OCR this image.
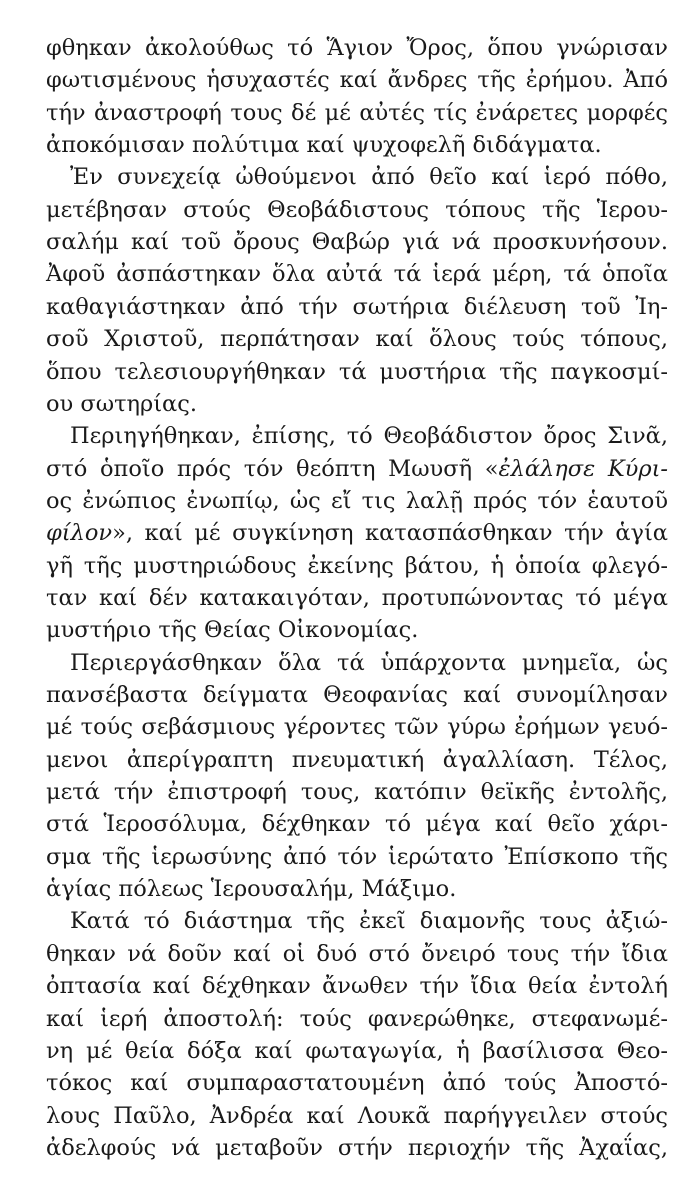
φθηκαν ἀκολούθως τό Ἅγιον Ὄρος, ὅπου γνώρισαν
φωτισμένους ἡσυχαστές καί ἄνδρες τῆς ἐρήμου. Ἀπό
τήν ἀναστροφή τους δέ μέ αὐτές τίς ἐνάρετες μορφές
ἀποκόμισαν πολύτιμα καί ψυχοφελῆ διδάγματα.
Ἐν συνεχείᾳ ὠθούμενοι ἀπό θεῖο καί ἱερό πόθο,
μετέβησαν στούς Θεοβάδιστους τόπους τῆς Ἱερου-
σαλήμ καί τοῦ ὄρους Θαβώρ γιά νά προσκυνήσουν.
Ἀφοῦ ἀσπάστηκαν ὅλα αὐτά τά ἱερά μέρη, τά ὁποῖα
καθαγιάστηκαν ἀπό τήν σωτήρια διέλευση τοῦ Ἰη-
σοῦ Χριστοῦ, περπάτησαν καί ὅλους τούς τόπους,
ὅπου τελεσιουργήθηκαν τά μυστήρια τῆς παγκοσμί-
ου σωτηρίας.
Περιηγήθηκαν, ἐπίσης, τό Θεοβάδιστον ὄρος Σινᾶ,
στό ὁποῖο πρός τόν θεόπτη Μωυσῆ «ἐλάλησε Κύρι-
ος ἐνώπιος ἐνωπίῳ, ὡς εἴ τις λαλῇ πρός τόν ἑαυτοῦ
φίλον», καί μέ συγκίνηση κατασπάσθηκαν τήν ἁγία
γῆ τῆς μυστηριώδους ἐκείνης βάτου, ἡ ὁποία φλεγό-
ταν καί δέν κατακαιγόταν, προτυπώνοντας τό μέγα
μυστήριο τῆς Θείας Οἰκονομίας.
Περιεργάσθηκαν ὅλα τά ὑπάρχοντα μνημεῖα, ὡς
πανσέβαστα δείγματα Θεοφανίας καί συνομίλησαν
μέ τούς σεβάσμιους γέροντες τῶν γύρω ἐρήμων γευό-
μενοι ἀπερίγραπτη πνευματική ἀγαλλίαση. Τέλος,
μετά τήν ἐπιστροφή τους, κατόπιν θεϊκῆς ἐντολῆς,
στά Ἱεροσόλυμα, δέχθηκαν τό μέγα καί θεῖο χάρι-
σμα τῆς ἱερωσύνης ἀπό τόν ἱερώτατο Ἐπίσκοπο τῆς
ἁγίας πόλεως Ἱερουσαλήμ, Μάξιμο.
Κατά τό διάστημα τῆς ἐκεῖ διαμονῆς τους ἀξιώ-
θηκαν νά δοῦν καί οἱ δυό στό ὄνειρό τους τήν ἴδια
ὀπτασία καί δέχθηκαν ἄνωθεν τήν ἴδια θεία ἐντολή
καί ἱερή ἀποστολή: τούς φανερώθηκε, στεφανωμέ-
νη μέ θεία δόξα καί φωταγωγία, ἡ βασίλισσα Θεο-
τόκος καί συμπαραστατουμένη ἀπό τούς Ἀποστό-
λους Παῦλο, Ἀνδρέα καί Λουκᾶ παρήγγειλεν στούς
ἀδελφούς νά μεταβοῦν στήν περιοχήν τῆς Ἀχαΐας,
